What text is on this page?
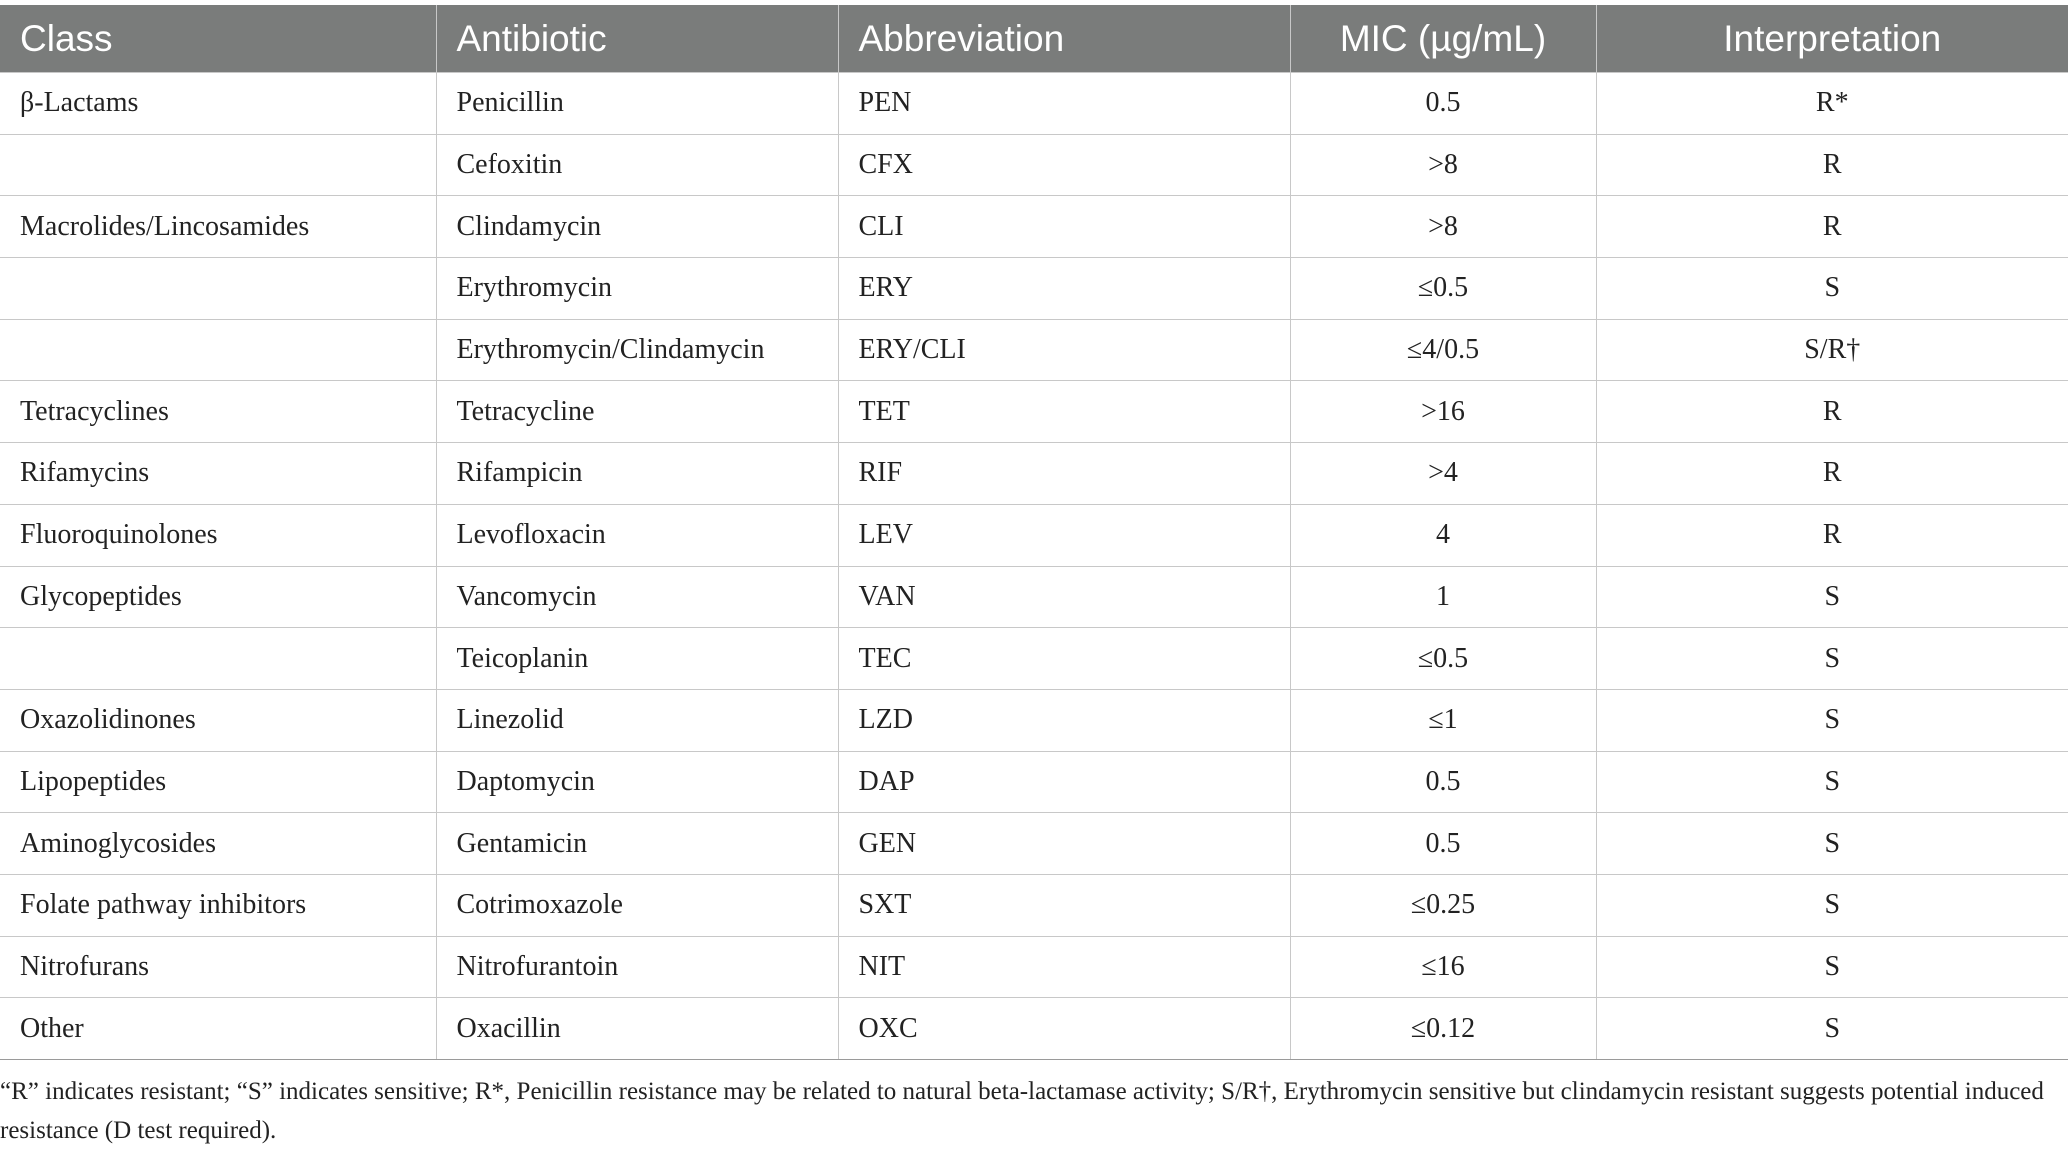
Class	Antibiotic	Abbreviation	MIC (µg/mL)	Interpretation
β-Lactams	Penicillin	PEN	0.5	R*
	Cefoxitin	CFX	>8	R
Macrolides/Lincosamides	Clindamycin	CLI	>8	R
	Erythromycin	ERY	≤0.5	S
	Erythromycin/Clindamycin	ERY/CLI	≤4/0.5	S/R†
Tetracyclines	Tetracycline	TET	>16	R
Rifamycins	Rifampicin	RIF	>4	R
Fluoroquinolones	Levofloxacin	LEV	4	R
Glycopeptides	Vancomycin	VAN	1	S
	Teicoplanin	TEC	≤0.5	S
Oxazolidinones	Linezolid	LZD	≤1	S
Lipopeptides	Daptomycin	DAP	0.5	S
Aminoglycosides	Gentamicin	GEN	0.5	S
Folate pathway inhibitors	Cotrimoxazole	SXT	≤0.25	S
Nitrofurans	Nitrofurantoin	NIT	≤16	S
Other	Oxacillin	OXC	≤0.12	S
“R” indicates resistant; “S” indicates sensitive; R*, Penicillin resistance may be related to natural beta-lactamase activity; S/R†, Erythromycin sensitive but clindamycin resistant suggests potential induced resistance (D test required).
